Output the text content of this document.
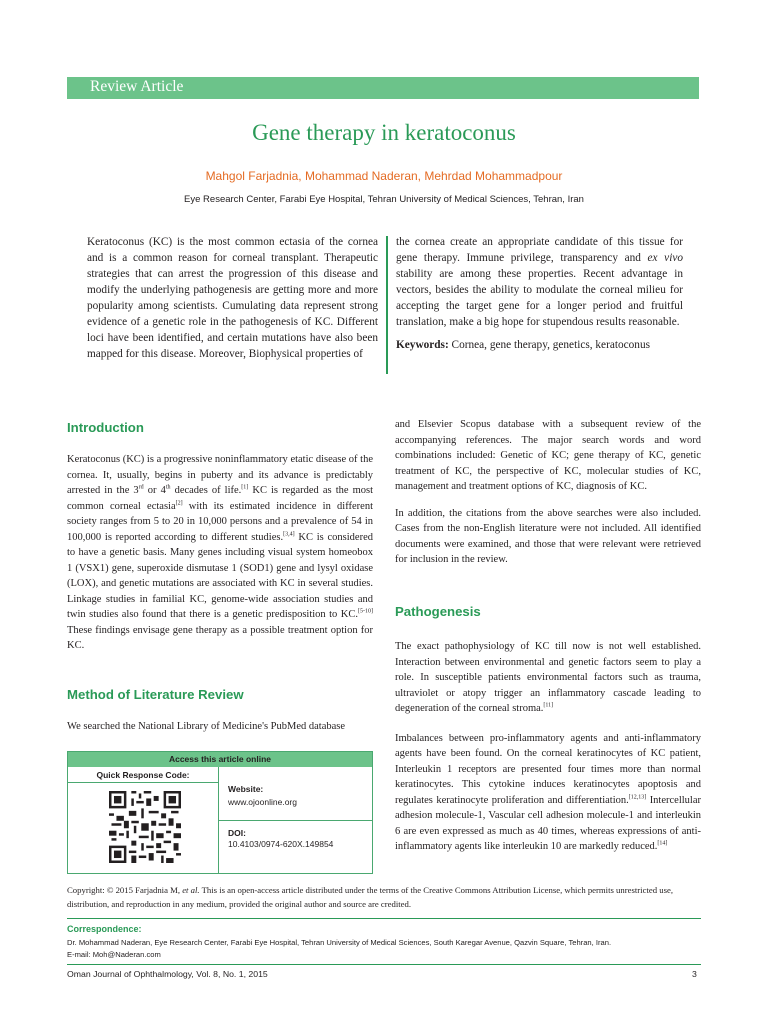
Review Article
Gene therapy in keratoconus
Mahgol Farjadnia, Mohammad Naderan, Mehrdad Mohammadpour
Eye Research Center, Farabi Eye Hospital, Tehran University of Medical Sciences, Tehran, Iran
Keratoconus (KC) is the most common ectasia of the cornea and is a common reason for corneal transplant. Therapeutic strategies that can arrest the progression of this disease and modify the underlying pathogenesis are getting more and more popularity among scientists. Cumulating data represent strong evidence of a genetic role in the pathogenesis of KC. Different loci have been identified, and certain mutations have also been mapped for this disease. Moreover, Biophysical properties of
the cornea create an appropriate candidate of this tissue for gene therapy. Immune privilege, transparency and ex vivo stability are among these properties. Recent advantage in vectors, besides the ability to modulate the corneal milieu for accepting the target gene for a longer period and fruitful translation, make a big hope for stupendous results reasonable.
Keywords: Cornea, gene therapy, genetics, keratoconus
Introduction

Keratoconus (KC) is a progressive noninflammatory etatic disease of the cornea. It, usually, begins in puberty and its advance is predictably arrested in the 3rd or 4th decades of life.[1] KC is regarded as the most common corneal ectasia[2] with its estimated incidence in different society ranges from 5 to 20 in 10,000 persons and a prevalence of 54 in 100,000 is reported according to different studies.[3,4] KC is considered to have a genetic basis. Many genes including visual system homeobox 1 (VSX1) gene, superoxide dismutase 1 (SOD1) gene and lysyl oxidase (LOX), and genetic mutations are associated with KC in several studies. Linkage studies in familial KC, genome-wide association studies and twin studies also found that there is a genetic predisposition to KC.[5-10] These findings envisage gene therapy as a possible treatment option for KC.

Method of Literature Review
We searched the National Library of Medicine's PubMed database
Access this article online
Quick Response Code:
Website:
www.ojoonline.org
DOI:
10.4103/0974-620X.149854

and Elsevier Scopus database with a subsequent review of the accompanying references. The major search words and word combinations included: Genetic of KC; gene therapy of KC, genetic treatment of KC, the perspective of KC, molecular studies of KC, management and treatment options of KC, diagnosis of KC.

In addition, the citations from the above searches were also included. Cases from the non-English literature were not included. All identified documents were examined, and those that were relevant were retrieved for inclusion in the review.

Pathogenesis

The exact pathophysiology of KC till now is not well established. Interaction between environmental and genetic factors seem to play a role. In susceptible patients environmental factors such as trauma, ultraviolet or atopy trigger an inflammatory cascade leading to degeneration of the corneal stroma.[11]

Imbalances between pro-inflammatory agents and anti-inflammatory agents have been found. On the corneal keratinocytes of KC patient, Interleukin 1 receptors are presented four times more than normal keratinocytes. This cytokine induces keratinocytes apoptosis and regulates keratinocyte proliferation and differentiation.[12,13] Intercellular adhesion molecule-1, Vascular cell adhesion molecule-1 and interleukin 6 are even expressed as much as 40 times, whereas expressions of anti-inflammatory agents like interleukin 10 are markedly reduced.[14]

Copyright: © 2015 Farjadnia M, et al. This is an open-access article distributed under the terms of the Creative Commons Attribution License, which permits unrestricted use, distribution, and reproduction in any medium, provided the original author and source are credited.
Correspondence:
Dr. Mohammad Naderan, Eye Research Center, Farabi Eye Hospital, Tehran University of Medical Sciences, South Karegar Avenue, Qazvin Square, Tehran, Iran.
E-mail: Moh@Naderan.com
Oman Journal of Ophthalmology, Vol. 8, No. 1, 2015	3
